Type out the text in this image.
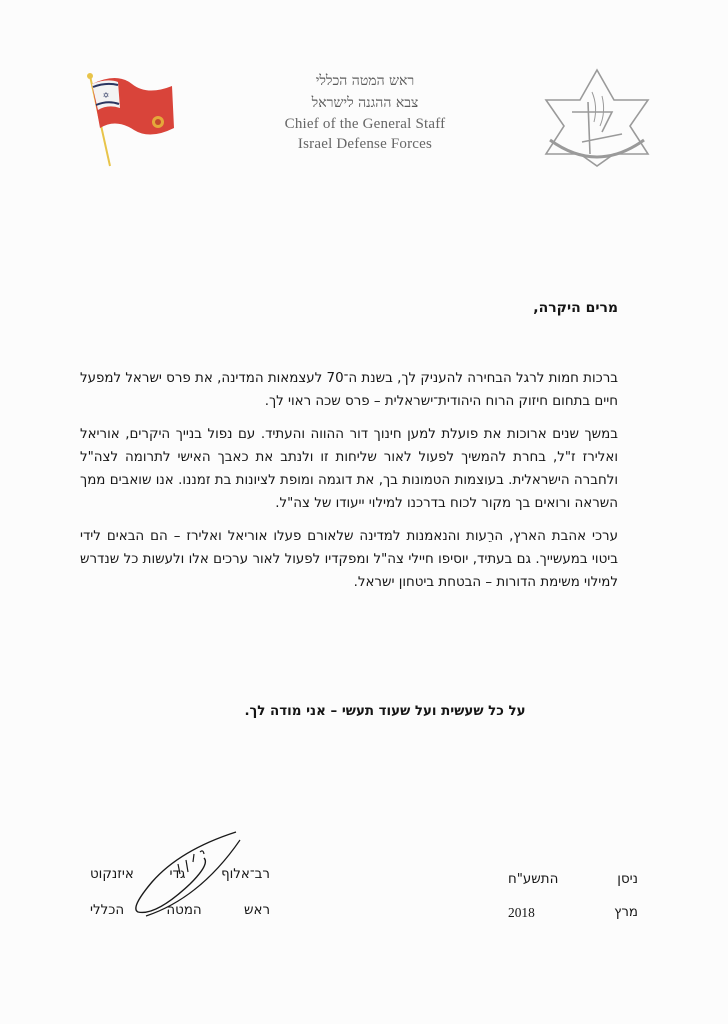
✡
ראש המטה הכללי
צבא ההגנה לישראל
Chief of the General Staff
Israel Defense Forces
מרים היקרה,

ברכות חמות לרגל הבחירה להעניק לך, בשנת ה־70 לעצמאות המדינה, את פרס ישראל למפעל חיים בתחום חיזוק הרוח היהודית־ישראלית – פרס שכה ראוי לך.

במשך שנים ארוכות את פועלת למען חינוך דור ההווה והעתיד. עם נפול בנייך היקרים, אוריאל ואלירז ז"ל, בחרת להמשיך לפעול לאור שליחות זו ולנתב את כאבך האישי לתרומה לצה"ל ולחברה הישראלית. בעוצמות הטמונות בך, את דוגמה ומופת לציונות בת זמננו. אנו שואבים ממך השראה ורואים בך מקור לכוח בדרכנו למילוי ייעודו של צה"ל.

ערכי אהבת הארץ, הרֵעות והנאמנות למדינה שלאורם פעלו אוריאל ואלירז – הם הבאים לידי ביטוי במעשייך. גם בעתיד, יוסיפו חיילי צה"ל ומפקדיו לפעול לאור ערכים אלו ולעשות כל שנדרש למילוי משימת הדורות – הבטחת ביטחון ישראל.

על כל שעשית ועל שעוד תעשי – אני מודה לך.
רב־אלוף
גדי
איזנקוט
ראש
המטה
הכללי
ניסן
התשע"ח
מרץ
2018
